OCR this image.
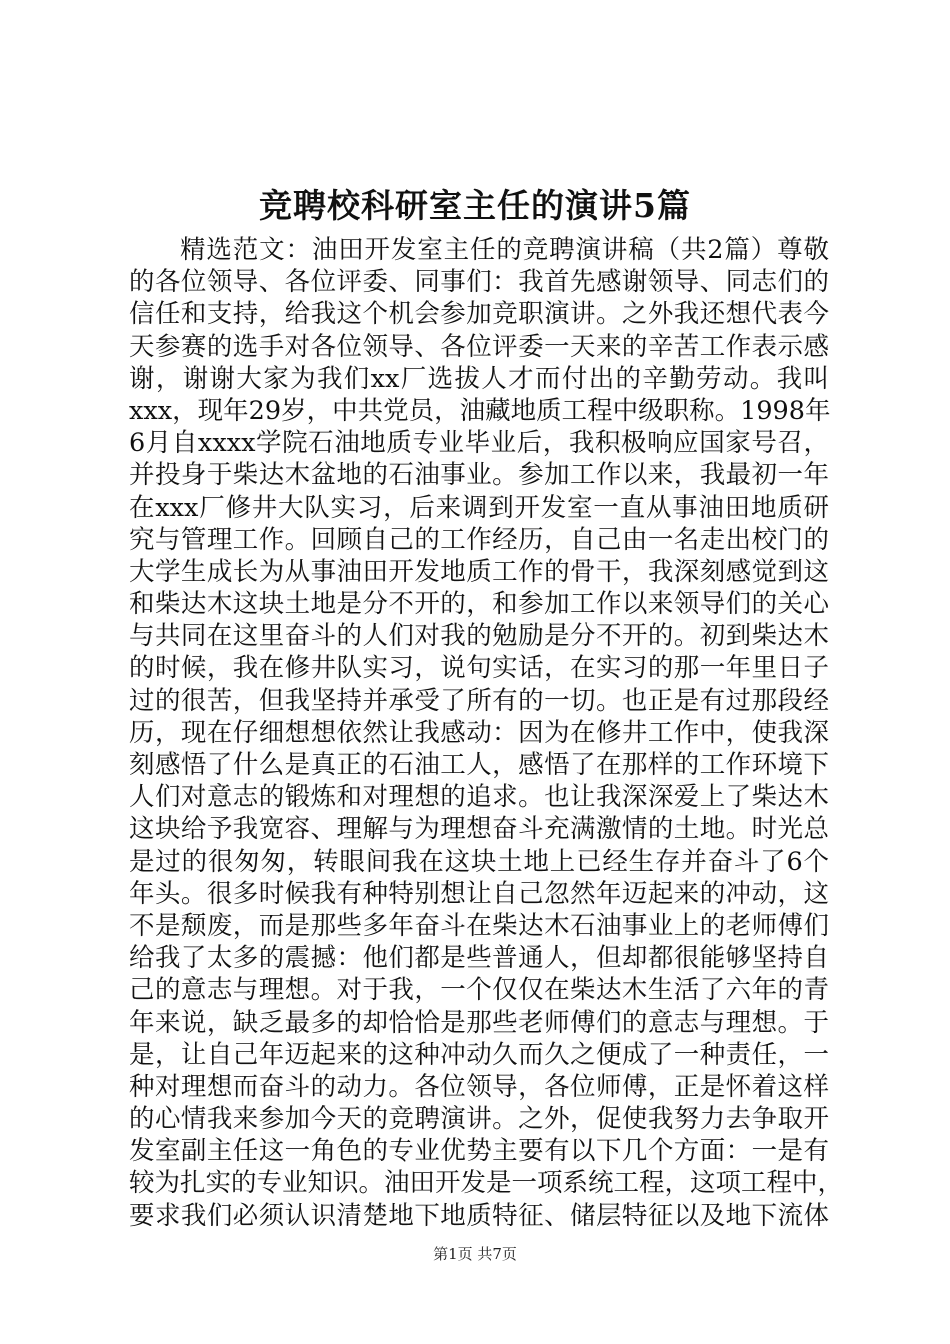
竞聘校科研室主任的演讲5篇
精选范文：油田开发室主任的竞聘演讲稿（共2篇）尊敬
的各位领导、各位评委、同事们：我首先感谢领导、同志们的
信任和支持，给我这个机会参加竞职演讲。之外我还想代表今
天参赛的选手对各位领导、各位评委一天来的辛苦工作表示感
谢，谢谢大家为我们xx厂选拔人才而付出的辛勤劳动。我叫
xxx，现年29岁，中共党员，油藏地质工程中级职称。1998年
6月自xxxx学院石油地质专业毕业后，我积极响应国家号召，
并投身于柴达木盆地的石油事业。参加工作以来，我最初一年
在xxx厂修井大队实习，后来调到开发室一直从事油田地质研
究与管理工作。回顾自己的工作经历，自己由一名走出校门的
大学生成长为从事油田开发地质工作的骨干，我深刻感觉到这
和柴达木这块土地是分不开的，和参加工作以来领导们的关心
与共同在这里奋斗的人们对我的勉励是分不开的。初到柴达木
的时候，我在修井队实习，说句实话，在实习的那一年里日子
过的很苦，但我坚持并承受了所有的一切。也正是有过那段经
历，现在仔细想想依然让我感动：因为在修井工作中，使我深
刻感悟了什么是真正的石油工人，感悟了在那样的工作环境下
人们对意志的锻炼和对理想的追求。也让我深深爱上了柴达木
这块给予我宽容、理解与为理想奋斗充满激情的土地。时光总
是过的很匆匆，转眼间我在这块土地上已经生存并奋斗了6个
年头。很多时候我有种特别想让自己忽然年迈起来的冲动，这
不是颓废，而是那些多年奋斗在柴达木石油事业上的老师傅们
给我了太多的震撼：他们都是些普通人，但却都很能够坚持自
己的意志与理想。对于我，一个仅仅在柴达木生活了六年的青
年来说，缺乏最多的却恰恰是那些老师傅们的意志与理想。于
是，让自己年迈起来的这种冲动久而久之便成了一种责任，一
种对理想而奋斗的动力。各位领导，各位师傅，正是怀着这样
的心情我来参加今天的竞聘演讲。之外，促使我努力去争取开
发室副主任这一角色的专业优势主要有以下几个方面：一是有
较为扎实的专业知识。油田开发是一项系统工程，这项工程中，
要求我们必须认识清楚地下地质特征、储层特征以及地下流体
第1页 共7页
